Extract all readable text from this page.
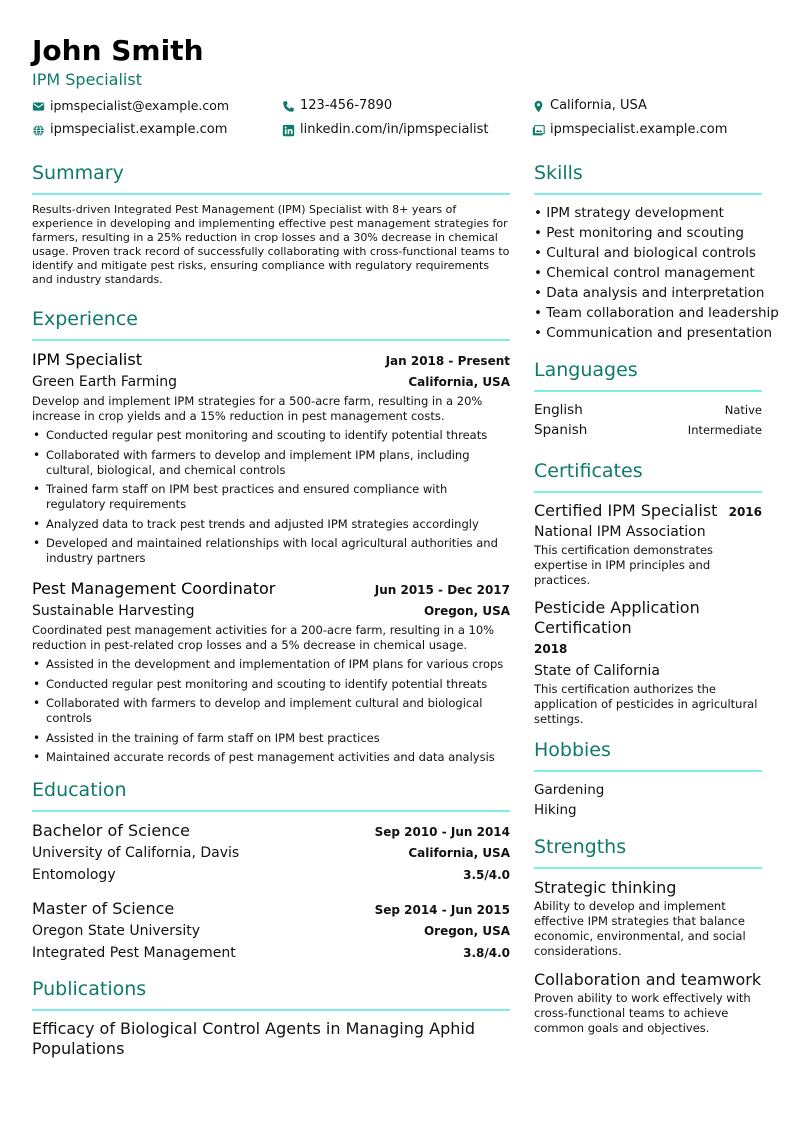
John Smith
IPM Specialist
ipmspecialist@example.com	123-456-7890	California, USA
ipmspecialist.example.com	linkedin.com/in/ipmspecialist	ipmspecialist.example.com
Summary
Results-driven Integrated Pest Management (IPM) Specialist with 8+ years of experience in developing and implementing effective pest management strategies for farmers, resulting in a 25% reduction in crop losses and a 30% decrease in chemical usage. Proven track record of successfully collaborating with cross-functional teams to identify and mitigate pest risks, ensuring compliance with regulatory requirements and industry standards.
Experience
IPM Specialist	Jan 2018 - Present
Green Earth Farming	California, USA
Develop and implement IPM strategies for a 500-acre farm, resulting in a 20% increase in crop yields and a 15% reduction in pest management costs.
• Conducted regular pest monitoring and scouting to identify potential threats
• Collaborated with farmers to develop and implement IPM plans, including cultural, biological, and chemical controls
• Trained farm staff on IPM best practices and ensured compliance with regulatory requirements
• Analyzed data to track pest trends and adjusted IPM strategies accordingly
• Developed and maintained relationships with local agricultural authorities and industry partners
Pest Management Coordinator	Jun 2015 - Dec 2017
Sustainable Harvesting	Oregon, USA
Coordinated pest management activities for a 200-acre farm, resulting in a 10% reduction in pest-related crop losses and a 5% decrease in chemical usage.
• Assisted in the development and implementation of IPM plans for various crops
• Conducted regular pest monitoring and scouting to identify potential threats
• Collaborated with farmers to develop and implement cultural and biological controls
• Assisted in the training of farm staff on IPM best practices
• Maintained accurate records of pest management activities and data analysis
Education
Bachelor of Science	Sep 2010 - Jun 2014
University of California, Davis	California, USA
Entomology	3.5/4.0
Master of Science	Sep 2014 - Jun 2015
Oregon State University	Oregon, USA
Integrated Pest Management	3.8/4.0
Publications
Efficacy of Biological Control Agents in Managing Aphid Populations
Skills
• IPM strategy development
• Pest monitoring and scouting
• Cultural and biological controls
• Chemical control management
• Data analysis and interpretation
• Team collaboration and leadership
• Communication and presentation
Languages
English	Native
Spanish	Intermediate
Certificates
Certified IPM Specialist 2016
National IPM Association
This certification demonstrates expertise in IPM principles and practices.
Pesticide Application Certification
2018
State of California
This certification authorizes the application of pesticides in agricultural settings.
Hobbies
Gardening
Hiking
Strengths
Strategic thinking
Ability to develop and implement effective IPM strategies that balance economic, environmental, and social considerations.
Collaboration and teamwork
Proven ability to work effectively with cross-functional teams to achieve common goals and objectives.
